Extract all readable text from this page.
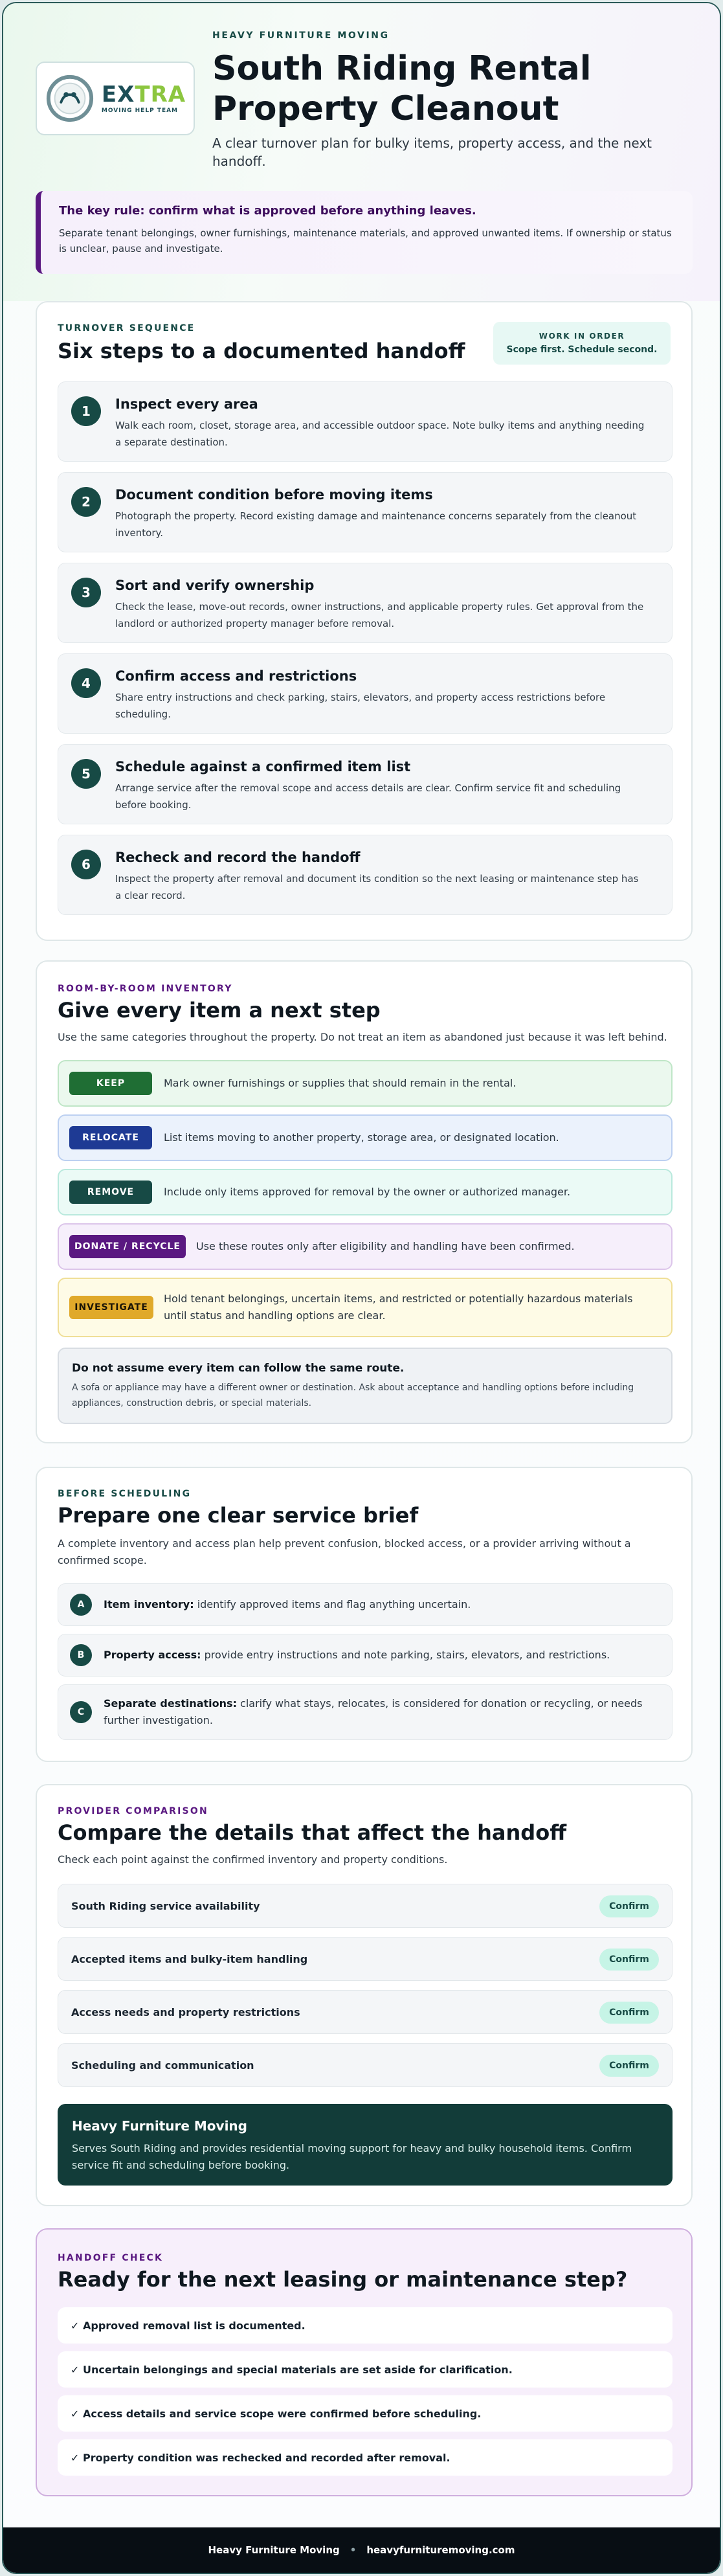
EXTRA
MOVING HELP TEAM
HEAVY FURNITURE MOVING
South Riding Rental Property Cleanout

A clear turnover plan for bulky items, property access, and the next handoff.

The key rule: confirm what is approved before anything leaves.
Separate tenant belongings, owner furnishings, maintenance materials, and approved unwanted items. If ownership or status is unclear, pause and investigate.
TURNOVER SEQUENCE
Six steps to a documented handoff
WORK IN ORDER
Scope first. Schedule second.
1	Inspect every area
Walk each room, closet, storage area, and accessible outdoor space. Note bulky items and anything needing a separate destination.
2	Document condition before moving items
Photograph the property. Record existing damage and maintenance concerns separately from the cleanout inventory.
3	Sort and verify ownership
Check the lease, move-out records, owner instructions, and applicable property rules. Get approval from the landlord or authorized property manager before removal.
4	Confirm access and restrictions
Share entry instructions and check parking, stairs, elevators, and property access restrictions before scheduling.
5	Schedule against a confirmed item list
Arrange service after the removal scope and access details are clear. Confirm service fit and scheduling before booking.
6	Recheck and record the handoff
Inspect the property after removal and document its condition so the next leasing or maintenance step has a clear record.
ROOM-BY-ROOM INVENTORY
Give every item a next step

Use the same categories throughout the property. Do not treat an item as abandoned just because it was left behind.

KEEP	Mark owner furnishings or supplies that should remain in the rental.
RELOCATE	List items moving to another property, storage area, or designated location.
REMOVE	Include only items approved for removal by the owner or authorized manager.
DONATE / RECYCLE	Use these routes only after eligibility and handling have been confirmed.
INVESTIGATE
Hold tenant belongings, uncertain items, and restricted or potentially hazardous materials until status and handling options are clear.
Do not assume every item can follow the same route.
A sofa or appliance may have a different owner or destination. Ask about acceptance and handling options before including appliances, construction debris, or special materials.
BEFORE SCHEDULING
Prepare one clear service brief

A complete inventory and access plan help prevent confusion, blocked access, or a provider arriving without a confirmed scope.

A	Item inventory: identify approved items and flag anything uncertain.
B	Property access: provide entry instructions and note parking, stairs, elevators, and restrictions.
C
Separate destinations: clarify what stays, relocates, is considered for donation or recycling, or needs further investigation.
PROVIDER COMPARISON
Compare the details that affect the handoff

Check each point against the confirmed inventory and property conditions.

South Riding service availability	Confirm
Accepted items and bulky-item handling	Confirm
Access needs and property restrictions	Confirm
Scheduling and communication	Confirm
Heavy Furniture Moving
Serves South Riding and provides residential moving support for heavy and bulky household items. Confirm service fit and scheduling before booking.
HANDOFF CHECK
Ready for the next leasing or maintenance step?
✓ Approved removal list is documented.
✓ Uncertain belongings and special materials are set aside for clarification.
✓ Access details and service scope were confirmed before scheduling.
✓ Property condition was rechecked and recorded after removal.
Heavy Furniture Moving • heavyfurnituremoving.com
